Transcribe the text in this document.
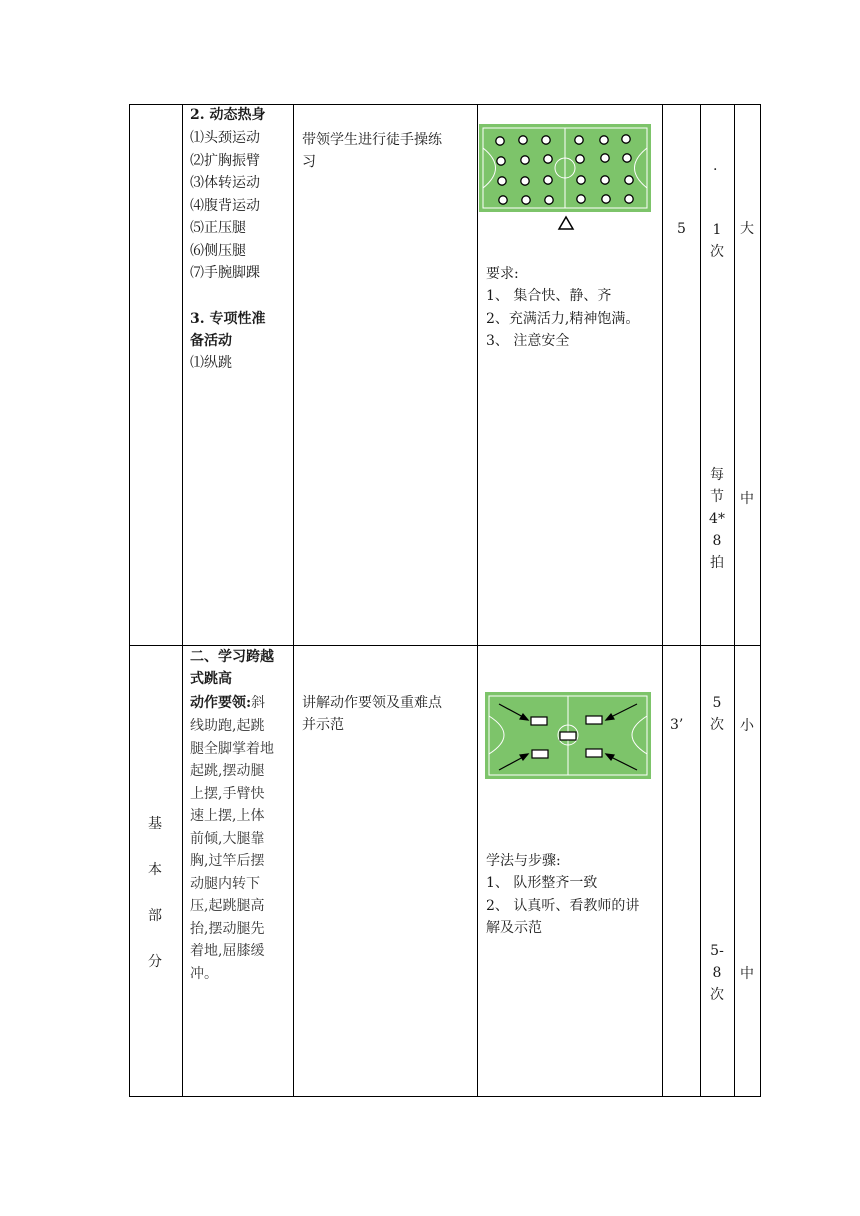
2. 动态热身
⑴头颈运动
⑵扩胸振臂
⑶体转运动
⑷腹背运动
⑸正压腿
⑹侧压腿
⑺手腕脚踝
3. 专项性准
备活动
⑴纵跳
带领学生进行徒手操练
习
要求:
1、 集合快、静、齐
2、充满活力,精神饱满。
3、 注意安全
5
.
1
次
每
节
4*
8
拍
大
中
基
本
部
分
二、学习跨越
式跳高
动作要领:斜
线助跑,起跳
腿全脚掌着地
起跳,摆动腿
上摆,手臂快
速上摆,上体
前倾,大腿靠
胸,过竿后摆
动腿内转下
压,起跳腿高
抬,摆动腿先
着地,屈膝缓
冲。
讲解动作要领及重难点
并示范
学法与步骤:
1、 队形整齐一致
2、 认真听、看教师的讲
解及示范
3’
5
次
5-
8
次
小
中
